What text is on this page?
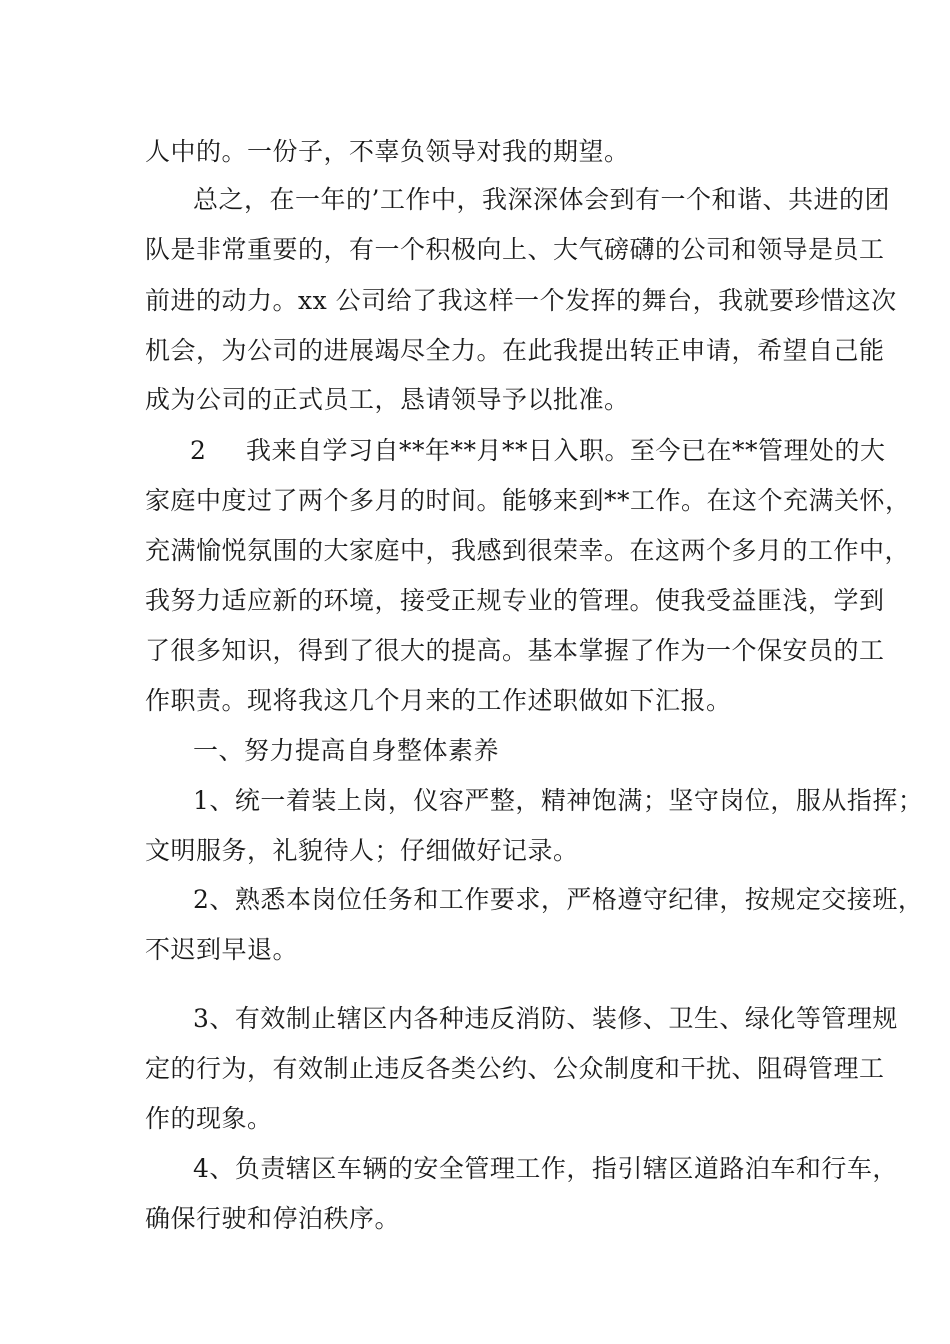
人中的。一份子，不辜负领导对我的期望。
总之，在一年的’工作中，我深深体会到有一个和谐、共进的团
队是非常重要的，有一个积极向上、大气磅礴的公司和领导是员工
前进的动力。xx 公司给了我这样一个发挥的舞台，我就要珍惜这次
机会，为公司的进展竭尽全力。在此我提出转正申请，希望自己能
成为公司的正式员工，恳请领导予以批准。
2 我来自学习自**年**月**日入职。至今已在**管理处的大
家庭中度过了两个多月的时间。能够来到**工作。在这个充满关怀，
充满愉悦氛围的大家庭中，我感到很荣幸。在这两个多月的工作中，
我努力适应新的环境，接受正规专业的管理。使我受益匪浅，学到
了很多知识，得到了很大的提高。基本掌握了作为一个保安员的工
作职责。现将我这几个月来的工作述职做如下汇报。
一、努力提高自身整体素养
1、统一着装上岗，仪容严整，精神饱满；坚守岗位，服从指挥；
文明服务，礼貌待人；仔细做好记录。
2、熟悉本岗位任务和工作要求，严格遵守纪律，按规定交接班，
不迟到早退。
3、有效制止辖区内各种违反消防、装修、卫生、绿化等管理规
定的行为，有效制止违反各类公约、公众制度和干扰、阻碍管理工
作的现象。
4、负责辖区车辆的安全管理工作，指引辖区道路泊车和行车，
确保行驶和停泊秩序。
